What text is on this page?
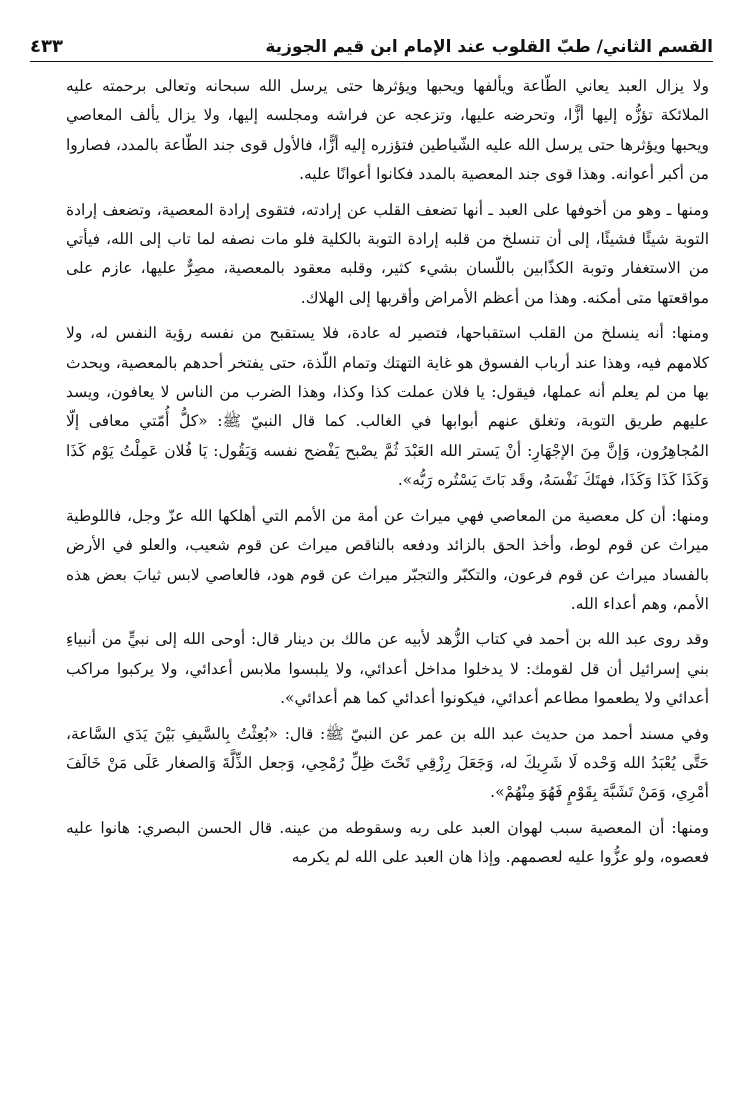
القسم الثاني/ طبّ القلوب عند الإمام ابن قيم الجوزية
٤٣٣

ولا يزال العبد يعاني الطّاعة ويألفها ويحبها ويؤثرها حتى يرسل الله سبحانه وتعالى برحمته عليه الملائكة تؤزُّه إليها أزًّا، وتحرضه عليها، وتزعجه عن فراشه ومجلسه إليها، ولا يزال يألف المعاصي ويحبها ويؤثرها حتى يرسل الله عليه الشّياطين فتؤزره إليه أزًّا، فالأول قوى جند الطّاعة بالمدد، فصاروا من أكبر أعوانه. وهذا قوى جند المعصية بالمدد فكانوا أعوانًا عليه.

ومنها ـ وهو من أخوفها على العبد ـ أنها تضعف القلب عن إرادته، فتقوى إرادة المعصية، وتضعف إرادة التوبة شيئًا فشيئًا، إلى أن تنسلخ من قلبه إرادة التوبة بالكلية فلو مات نصفه لما تاب إلى الله، فيأتي من الاستغفار وتوبة الكذّابين باللّسان بشيء كثير، وقلبه معقود بالمعصية، مصِرٌّ عليها، عازم على مواقعتها متى أمكنه. وهذا من أعظم الأمراض وأقربها إلى الهلاك.

ومنها: أنه ينسلخ من القلب استقباحها، فتصير له عادة، فلا يستقبح من نفسه رؤية النفس له، ولا كلامهم فيه، وهذا عند أرباب الفسوق هو غاية التهتك وتمام اللّذة، حتى يفتخر أحدهم بالمعصية، ويحدث بها من لم يعلم أنه عملها، فيقول: يا فلان عملت كذا وكذا، وهذا الضرب من الناس لا يعافون، ويسد عليهم طريق التوبة، وتغلق عنهم أبوابها في الغالب. كما قال النبيّ ﷺ: «كلُّ أُمّتي معافى إلّا المُجاهِرُون، وَإنَّ مِنَ الإجْهَارِ: أنْ يَستر الله العَبْدَ ثُمَّ يصْبح يَفْضح نفسه وَيَقُول: يَا فُلان عَمِلْتُ يَوْم كَذَا وَكَذَا كَذَا وَكَذَا، فهتَكَ نَفْسَهُ، وقَد بَاتَ يَسْتُره رَبُّه».

ومنها: أن كل معصية من المعاصي فهي ميراث عن أمة من الأمم التي أهلكها الله عزّ وجل، فاللوطية ميراث عن قوم لوط، وأخذ الحق بالزائد ودفعه بالناقص ميراث عن قوم شعيب، والعلو في الأرض بالفساد ميراث عن قوم فرعون، والتكبّر والتجبّر ميراث عن قوم هود، فالعاصي لابس ثيابَ بعض هذه الأمم، وهم أعداء الله.

وقد روى عبد الله بن أحمد في كتاب الزُّهد لأبيه عن مالك بن دينار قال: أوحى الله إلى نبيٍّ من أنبياءِ بني إسرائيل أن قل لقومك: لا يدخلوا مداخل أعدائي، ولا يلبسوا ملابس أعدائي، ولا يركبوا مراكب أعدائي ولا يطعموا مطاعم أعدائي، فيكونوا أعدائي كما هم أعدائي».

وفي مسند أحمد من حديث عبد الله بن عمر عن النبيّ ﷺ: قال: «بُعِثْتُ بِالسَّيفِ بَيْنَ يَدَي السَّاعة، حَتَّى يُعْبَدُ الله وَحْده لَا شَرِيكَ له، وَجَعَلَ رِزْقِي تَحْتَ ظِلِّ رُمْحِي، وَجعل الذِّلَّةَ وَالصغار عَلَى مَنْ خَالَفَ أمْرِي، وَمَنْ تَشَبَّهَ بِقَوْمٍ فَهُوَ مِنْهُمْ».

ومنها: أن المعصية سبب لهوان العبد على ربه وسقوطه من عينه. قال الحسن البصري: هانوا عليه فعصوه، ولو عزُّوا عليه لعصمهم. وإذا هان العبد على الله لم يكرمه
